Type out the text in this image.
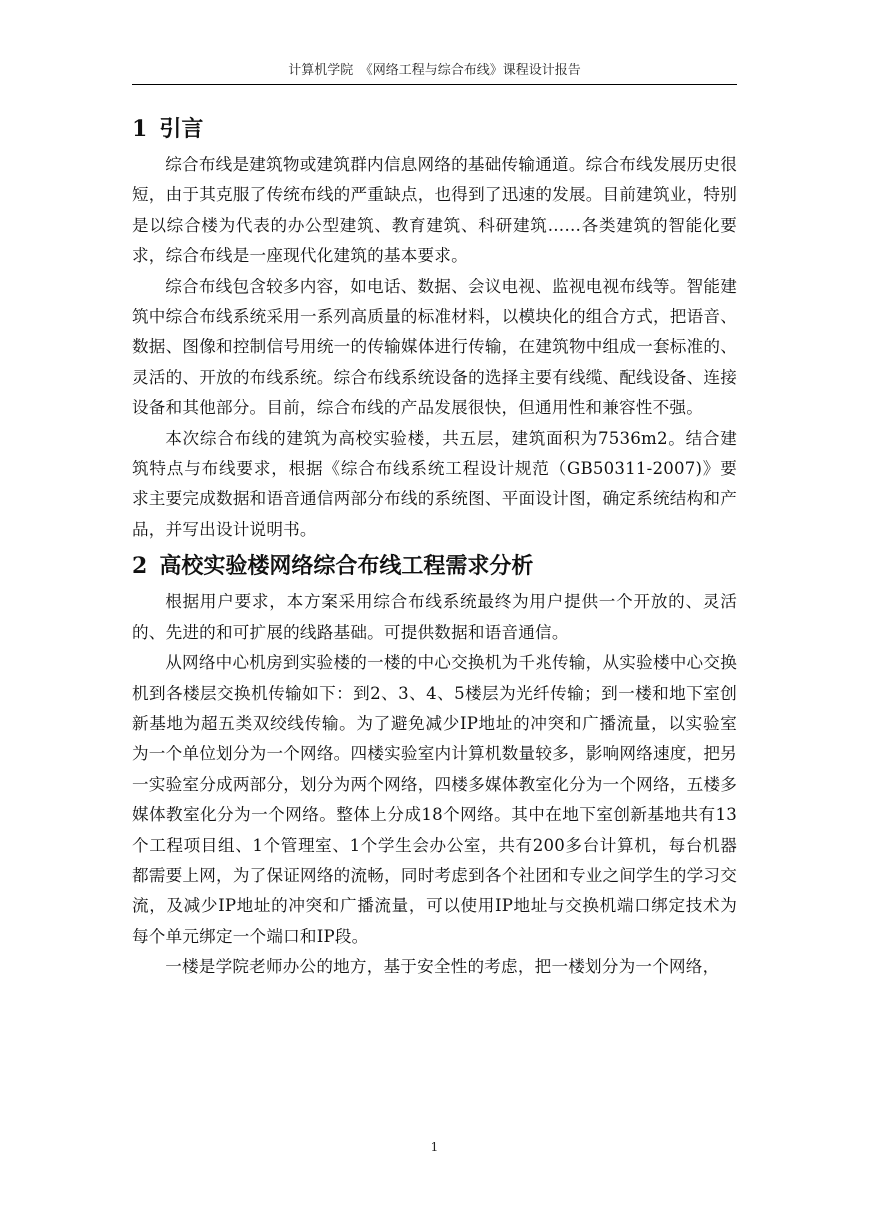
计算机学院　《网络工程与综合布线》课程设计报告
1 引言

综合布线是建筑物或建筑群内信息网络的基础传输通道。综合布线发展历史很短，由于其克服了传统布线的严重缺点，也得到了迅速的发展。目前建筑业，特别是以综合楼为代表的办公型建筑、教育建筑、科研建筑……各类建筑的智能化要求，综合布线是一座现代化建筑的基本要求。

综合布线包含较多内容，如电话、数据、会议电视、监视电视布线等。智能建筑中综合布线系统采用一系列高质量的标准材料，以模块化的组合方式，把语音、数据、图像和控制信号用统一的传输媒体进行传输，在建筑物中组成一套标准的、灵活的、开放的布线系统。综合布线系统设备的选择主要有线缆、配线设备、连接设备和其他部分。目前，综合布线的产品发展很快，但通用性和兼容性不强。

本次综合布线的建筑为高校实验楼，共五层，建筑面积为7536m2。结合建筑特点与布线要求，根据《综合布线系统工程设计规范（GB50311-2007)》要求主要完成数据和语音通信两部分布线的系统图、平面设计图，确定系统结构和产品，并写出设计说明书。

2 高校实验楼网络综合布线工程需求分析

根据用户要求，本方案采用综合布线系统最终为用户提供一个开放的、灵活的、先进的和可扩展的线路基础。可提供数据和语音通信。

从网络中心机房到实验楼的一楼的中心交换机为千兆传输，从实验楼中心交换机到各楼层交换机传输如下：到2、3、4、5楼层为光纤传输；到一楼和地下室创新基地为超五类双绞线传输。为了避免减少IP地址的冲突和广播流量，以实验室为一个单位划分为一个网络。四楼实验室内计算机数量较多，影响网络速度，把另一实验室分成两部分，划分为两个网络，四楼多媒体教室化分为一个网络，五楼多媒体教室化分为一个网络。整体上分成18个网络。其中在地下室创新基地共有13个工程项目组、1个管理室、1个学生会办公室，共有200多台计算机，每台机器都需要上网，为了保证网络的流畅，同时考虑到各个社团和专业之间学生的学习交流，及减少IP地址的冲突和广播流量，可以使用IP地址与交换机端口绑定技术为每个单元绑定一个端口和IP段。

一楼是学院老师办公的地方，基于安全性的考虑，把一楼划分为一个网络，

1
